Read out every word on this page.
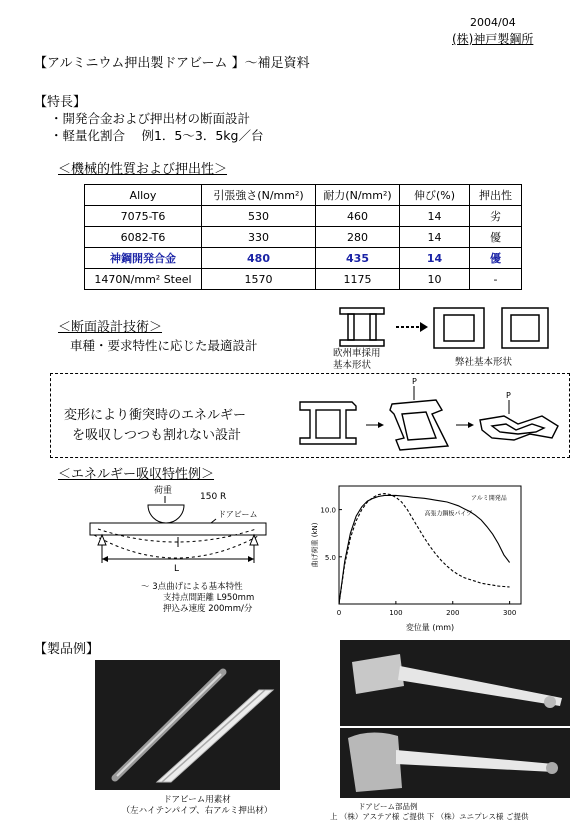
2004/04
(株)神戸製鋼所
【アルミニウム押出製ドアビーム 】～補足資料
【特長】
・開発合金および押出材の断面設計
・軽量化割合　 例1．5～3．5kg／台
＜機械的性質および押出性＞
Alloy	引張強さ(N/mm²)	耐力(N/mm²)	伸び(%)	押出性
7075-T6	530	460	14	劣
6082-T6	330	280	14	優
神鋼開発合金	480	435	14	優
1470N/mm² Steel	1570	1175	10	-
＜断面設計技術＞
車種・要求特性に応じた最適設計
欧州車採用
基本形状	弊社基本形状
変形により衝突時のエネルギー
を吸収しつつも割れない設計
P
P
＜エネルギー吸収特性例＞
荷重
150 R
ドアビーム
L
～ 3点曲げによる基本特性
支持点間距離 L950mm
押込み速度 200mm/分	0	100	200	300
5.0
10.0
変位量 (mm)
曲げ荷重 (kN)
アルミ開発品
高張力鋼板パイプ
【製品例】
ドアビーム用素材
（左ハイテンパイプ、右アルミ押出材）	ドアビーム部品例
上 （株）アステア様 ご提供 下 （株）ユニプレス様 ご提供
